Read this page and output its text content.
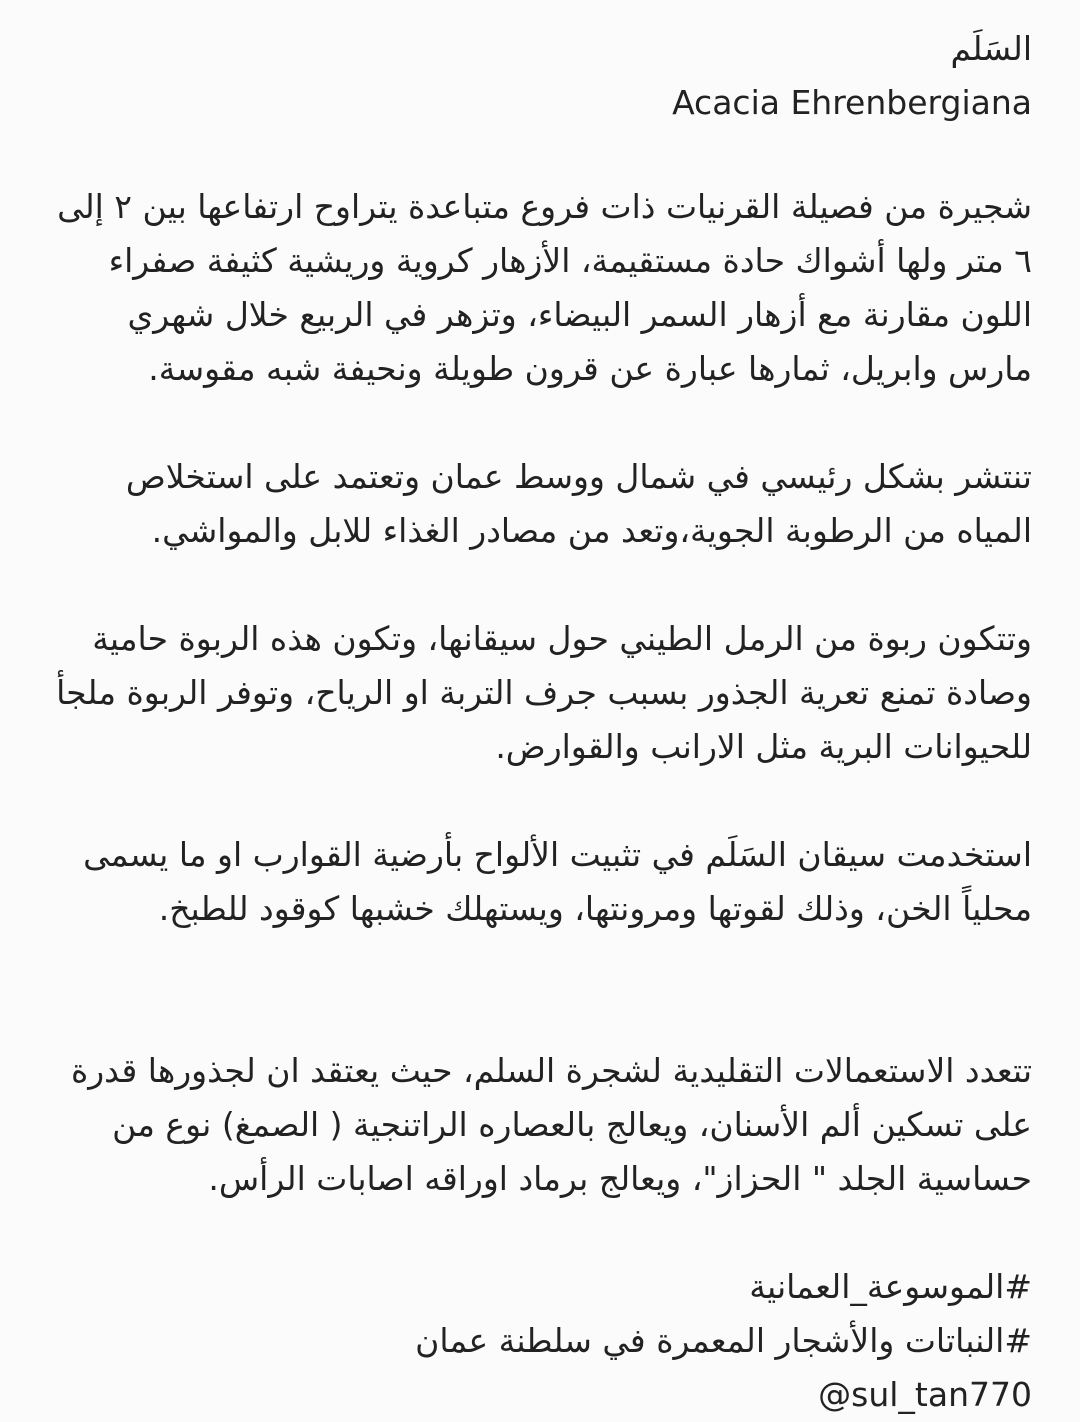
السَلَم

Acacia Ehrenbergiana

شجيرة من فصيلة القرنيات ذات فروع متباعدة يتراوح ارتفاعها بين ٢ إلى ٦ متر ولها أشواك حادة مستقيمة، الأزهار كروية وريشية كثيفة صفراء اللون مقارنة مع أزهار السمر البيضاء، وتزهر في الربيع خلال شهري مارس وابريل، ثمارها عبارة عن قرون طويلة ونحيفة شبه مقوسة.

تنتشر بشكل رئيسي في شمال ووسط عمان وتعتمد على استخلاص المياه من الرطوبة الجوية،وتعد من مصادر الغذاء للابل والمواشي.

وتتكون ربوة من الرمل الطيني حول سيقانها، وتكون هذه الربوة حامية وصادة تمنع تعرية الجذور بسبب جرف التربة او الرياح، وتوفر الربوة ملجأ للحيوانات البرية مثل الارانب والقوارض.

استخدمت سيقان السَلَم في تثبيت الألواح بأرضية القوارب او ما يسمى محلياً الخن، وذلك لقوتها ومرونتها، ويستهلك خشبها كوقود للطبخ.

تتعدد الاستعمالات التقليدية لشجرة السلم، حيث يعتقد ان لجذورها قدرة على تسكين ألم الأسنان، ويعالج بالعصاره الراتنجية ( الصمغ) نوع من حساسية الجلد " الحزاز"، ويعالج برماد اوراقه اصابات الرأس.

#الموسوعة_العمانية

#النباتات والأشجار المعمرة في سلطنة عمان

@sul_tan770
